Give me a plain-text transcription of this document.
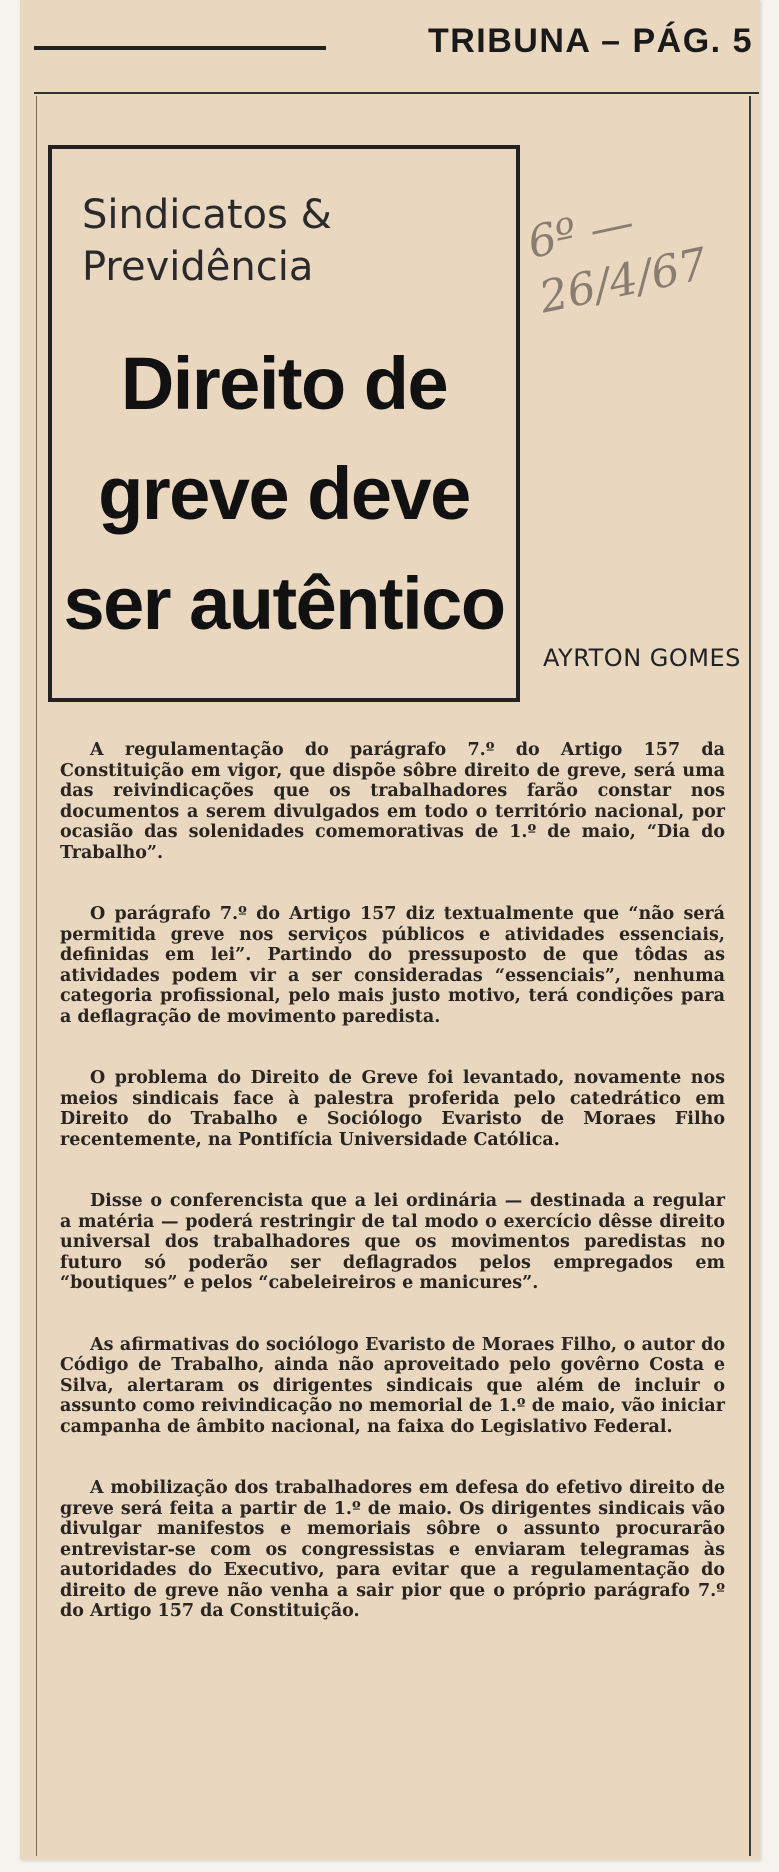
TRIBUNA – PÁG. 5
Sindicatos & Previdência
Direito de greve deve ser autêntico
6º — 26/4/67
AYRTON GOMES

A regulamentação do parágrafo 7.º do Artigo 157 da Constituição em vigor, que dispõe sôbre direito de greve, será uma das reivindicações que os trabalhadores farão constar nos documentos a serem divulgados em todo o território nacional, por ocasião das solenidades comemorativas de 1.º de maio, “Dia do Trabalho”.

O parágrafo 7.º do Artigo 157 diz textualmente que “não será permitida greve nos serviços públicos e atividades essenciais, definidas em lei”. Partindo do pressuposto de que tôdas as atividades podem vir a ser consideradas “essenciais”, nenhuma categoria profissional, pelo mais justo motivo, terá condições para a deflagração de movimento paredista.

O problema do Direito de Greve foi levantado, novamente nos meios sindicais face à palestra proferida pelo catedrático em Direito do Trabalho e Sociólogo Evaristo de Moraes Filho recentemente, na Pontifícia Universidade Católica.

Disse o conferencista que a lei ordinária — destinada a regular a matéria — poderá restringir de tal modo o exercício dêsse direito universal dos trabalhadores que os movimentos paredistas no futuro só poderão ser deflagrados pelos empregados em “boutiques” e pelos “cabeleireiros e manicures”.

As afirmativas do sociólogo Evaristo de Moraes Filho, o autor do Código de Trabalho, ainda não aproveitado pelo govêrno Costa e Silva, alertaram os dirigentes sindicais que além de incluir o assunto como reivindicação no memorial de 1.º de maio, vão iniciar campanha de âmbito nacional, na faixa do Legislativo Federal.

A mobilização dos trabalhadores em defesa do efetivo direito de greve será feita a partir de 1.º de maio. Os dirigentes sindicais vão divulgar manifestos e memoriais sôbre o assunto procurarão entrevistar-se com os congressistas e enviaram telegramas às autoridades do Executivo, para evitar que a regulamentação do direito de greve não venha a sair pior que o próprio parágrafo 7.º do Artigo 157 da Constituição.
